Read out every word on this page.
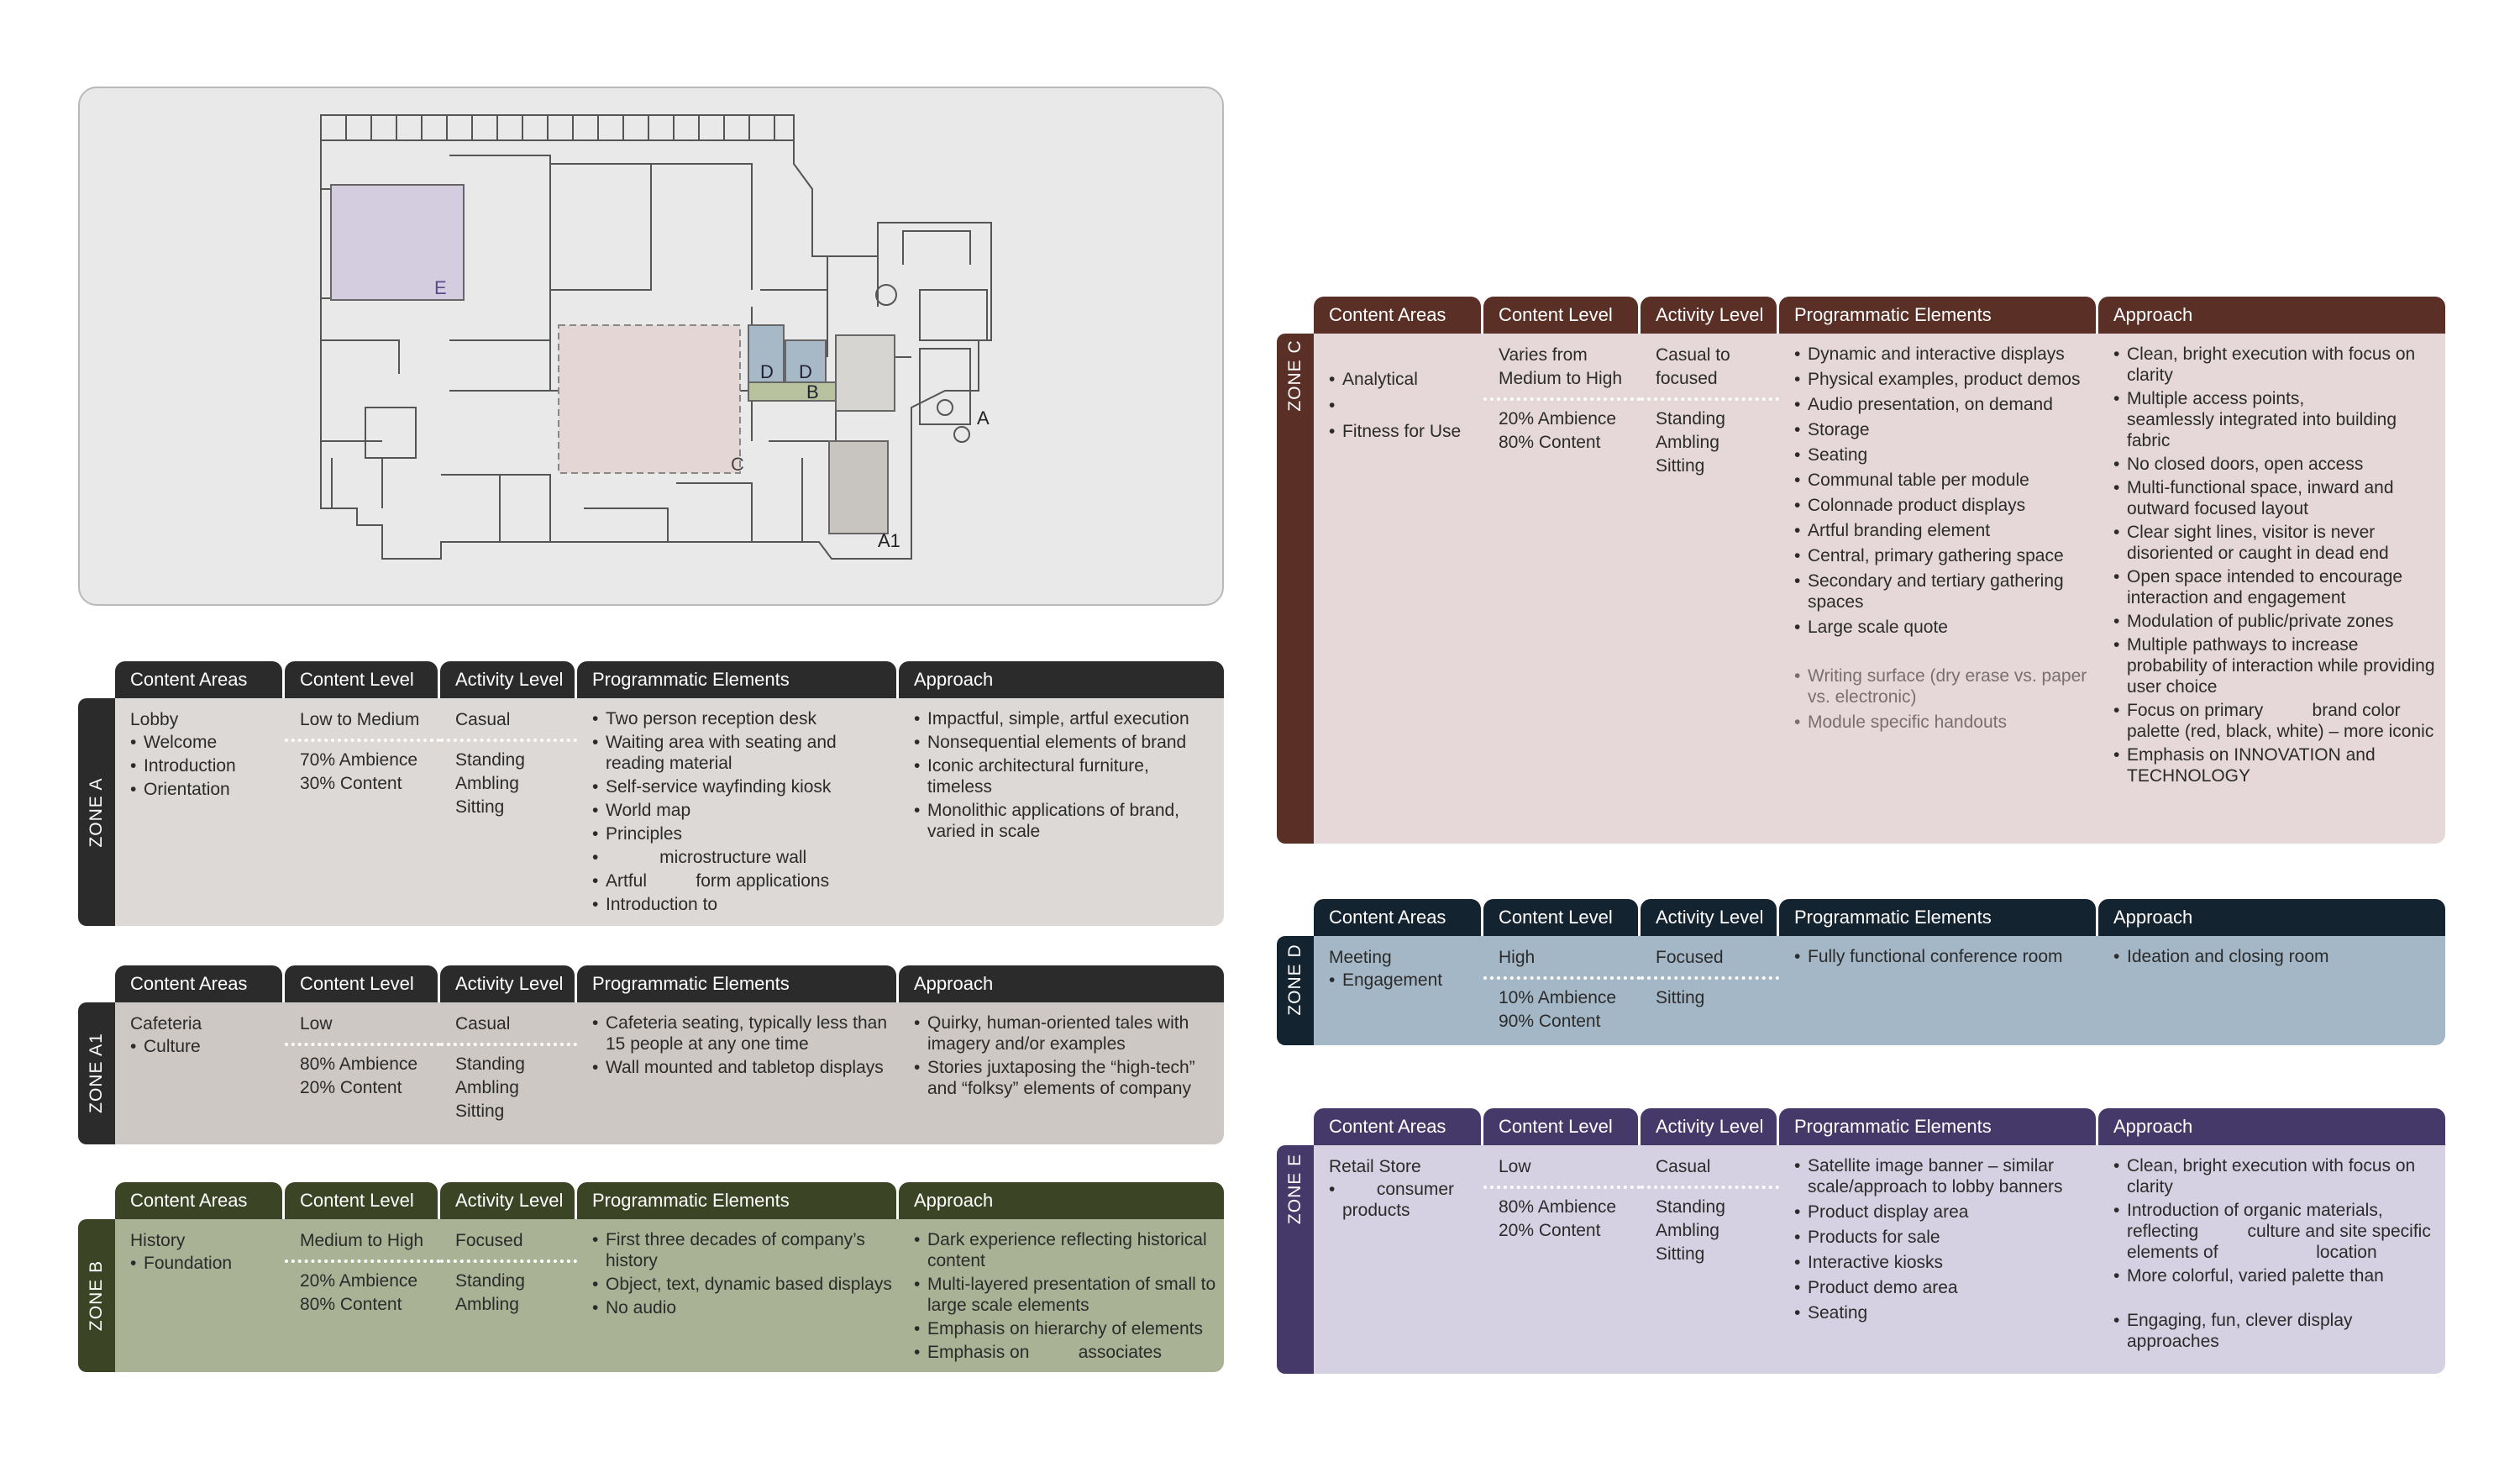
E
D D
B
C
A
A1
ZONE A
Content Areas	Content Level	Activity Level	Programmatic Elements	Approach

Lobby

• Welcome
• Introduction
• Orientation

Low to Medium

70% Ambience

30% Content

Casual

Standing

Ambling

Sitting

• Two person reception desk
• Waiting area with seating and reading material
• Self-service wayfinding kiosk
• World map
• Principles
•            microstructure wall
• Artful          form applications
• Introduction to
• Impactful, simple, artful execution
• Nonsequential elements of brand
• Iconic architectural furniture, timeless
• Monolithic applications of brand, varied in scale
ZONE A1
Content Areas	Content Level	Activity Level	Programmatic Elements	Approach

Cafeteria

• Culture

Low

80% Ambience

20% Content

Casual

Standing

Ambling

Sitting

• Cafeteria seating, typically less than 15 people at any one time
• Wall mounted and tabletop displays
• Quirky, human-oriented tales with imagery and/or examples
• Stories juxtaposing the “high-tech” and “folksy” elements of company
ZONE B
Content Areas	Content Level	Activity Level	Programmatic Elements	Approach

History

• Foundation

Medium to High

20% Ambience

80% Content

Focused

Standing

Ambling

• First three decades of company’s history
• Object, text, dynamic based displays
• No audio
• Dark experience reflecting historical content
• Multi-layered presentation of small to large scale elements
• Emphasis on hierarchy of elements
• Emphasis on          associates
ZONE C
Content Areas	Content Level	Activity Level	Programmatic Elements	Approach
• Analytical
•
• Fitness for Use

Varies from

Medium to High

20% Ambience

80% Content

Casual to

focused

Standing

Ambling

Sitting

• Dynamic and interactive displays
• Physical examples, product demos
• Audio presentation, on demand
• Storage
• Seating
• Communal table per module
• Colonnade product displays
• Artful branding element
• Central, primary gathering space
• Secondary and tertiary gathering spaces
• Large scale quote
• Writing surface (dry erase vs. paper vs. electronic)
• Module specific handouts
• Clean, bright execution with focus on clarity
• Multiple access points,            seamlessly integrated into building fabric
• No closed doors, open access
• Multi-functional space, inward and outward focused layout
• Clear sight lines, visitor is never disoriented or caught in dead end
• Open space intended to encourage interaction and engagement
• Modulation of public/private zones
• Multiple pathways to increase probability of interaction while providing user choice
• Focus on primary          brand color palette (red, black, white) – more iconic
• Emphasis on INNOVATION and TECHNOLOGY
ZONE D
Content Areas	Content Level	Activity Level	Programmatic Elements	Approach

Meeting

• Engagement

High

10% Ambience

90% Content

Focused

Sitting

• Fully functional conference room
•	Ideation and closing room
ZONE E
Content Areas	Content Level	Activity Level	Programmatic Elements	Approach

Retail Store

•        consumer products

Low

80% Ambience

20% Content

Casual

Standing

Ambling

Sitting

• Satellite image banner – similar scale/approach to lobby banners
• Product display area
• Products for sale
• Interactive kiosks
• Product demo area
• Seating
• Clean, bright execution with focus on clarity
• Introduction of organic materials, reflecting          culture and site specific elements of                    location
• More colorful, varied palette than
• Engaging, fun, clever display approaches
